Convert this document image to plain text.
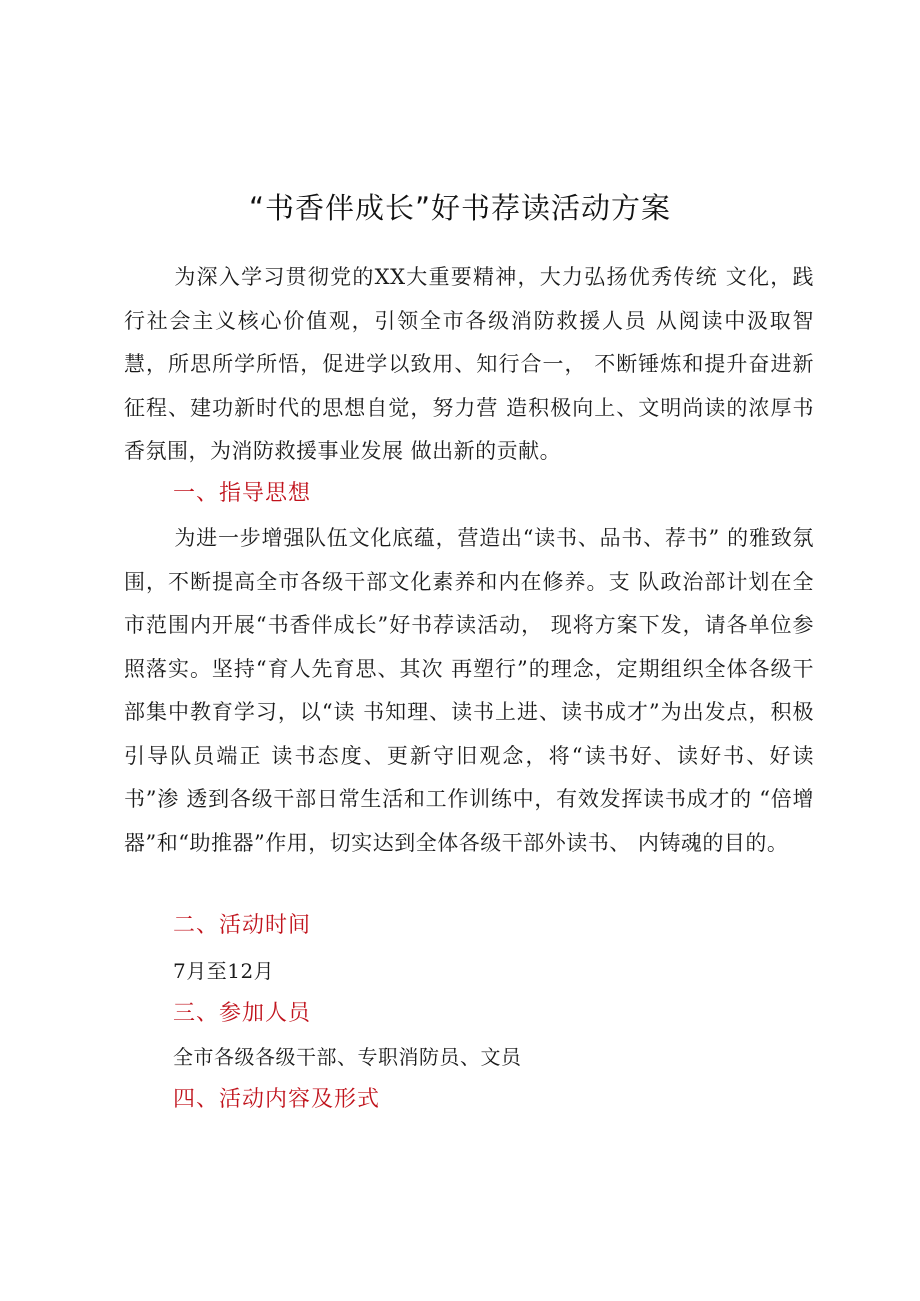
“书香伴成长”好书荐读活动方案

为深入学习贯彻党的XX大重要精神，大力弘扬优秀传统 文化，践行社会主义核心价值观，引领全市各级消防救援人员 从阅读中汲取智慧，所思所学所悟，促进学以致用、知行合一， 不断锤炼和提升奋进新征程、建功新时代的思想自觉，努力营 造积极向上、文明尚读的浓厚书香氛围，为消防救援事业发展 做出新的贡献。

一、指导思想

为进一步增强队伍文化底蕴，营造出“读书、品书、荐书” 的雅致氛围，不断提高全市各级干部文化素养和内在修养。支 队政治部计划在全市范围内开展“书香伴成长”好书荐读活动， 现将方案下发，请各单位参照落实。坚持“育人先育思、其次 再塑行”的理念，定期组织全体各级干部集中教育学习，以“读 书知理、读书上进、读书成才”为出发点，积极引导队员端正 读书态度、更新守旧观念，将“读书好、读好书、好读书”渗 透到各级干部日常生活和工作训练中，有效发挥读书成才的 “倍增器”和“助推器”作用，切实达到全体各级干部外读书、 内铸魂的目的。

二、活动时间

7月至12月

三、参加人员

全市各级各级干部、专职消防员、文员

四、活动内容及形式
